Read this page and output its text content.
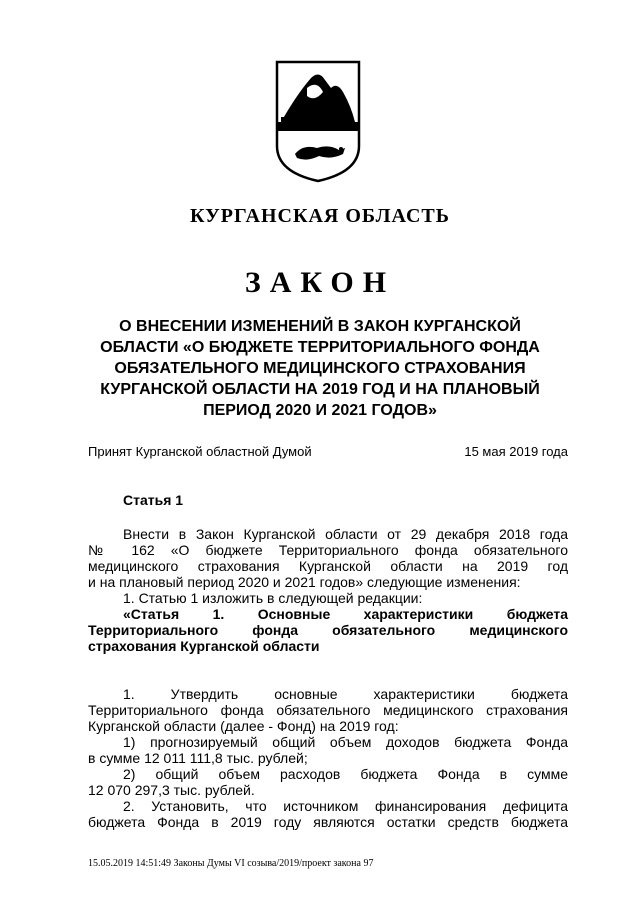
КУРГАНСКАЯ ОБЛАСТЬ
ЗАКОН
О ВНЕСЕНИИ ИЗМЕНЕНИЙ В ЗАКОН КУРГАНСКОЙ
ОБЛАСТИ «О БЮДЖЕТЕ ТЕРРИТОРИАЛЬНОГО ФОНДА
ОБЯЗАТЕЛЬНОГО МЕДИЦИНСКОГО СТРАХОВАНИЯ
КУРГАНСКОЙ ОБЛАСТИ НА 2019 ГОД И НА ПЛАНОВЫЙ
ПЕРИОД 2020 И 2021 ГОДОВ»
Принят Курганской областной Думой	15 мая 2019 года
Статья 1
Внести в Закон Курганской области от 29 декабря 2018 года
№ 162 «О бюджете Территориального фонда обязательного
медицинского страхования Курганской области на 2019 год
и на плановый период 2020 и 2021 годов» следующие изменения:
1. Статью 1 изложить в следующей редакции:
«Статья 1. Основные характеристики бюджета
Территориального фонда обязательного медицинского
страхования Курганской области
1. Утвердить основные характеристики бюджета
Территориального фонда обязательного медицинского страхования
Курганской области (далее - Фонд) на 2019 год:
1) прогнозируемый общий объем доходов бюджета Фонда
в сумме 12 011 111,8 тыс. рублей;
2) общий объем расходов бюджета Фонда в сумме
12 070 297,3 тыс. рублей.
2. Установить, что источником финансирования дефицита
бюджета Фонда в 2019 году являются остатки средств бюджета
15.05.2019 14:51:49 Законы Думы VI созыва/2019/проект закона 97
